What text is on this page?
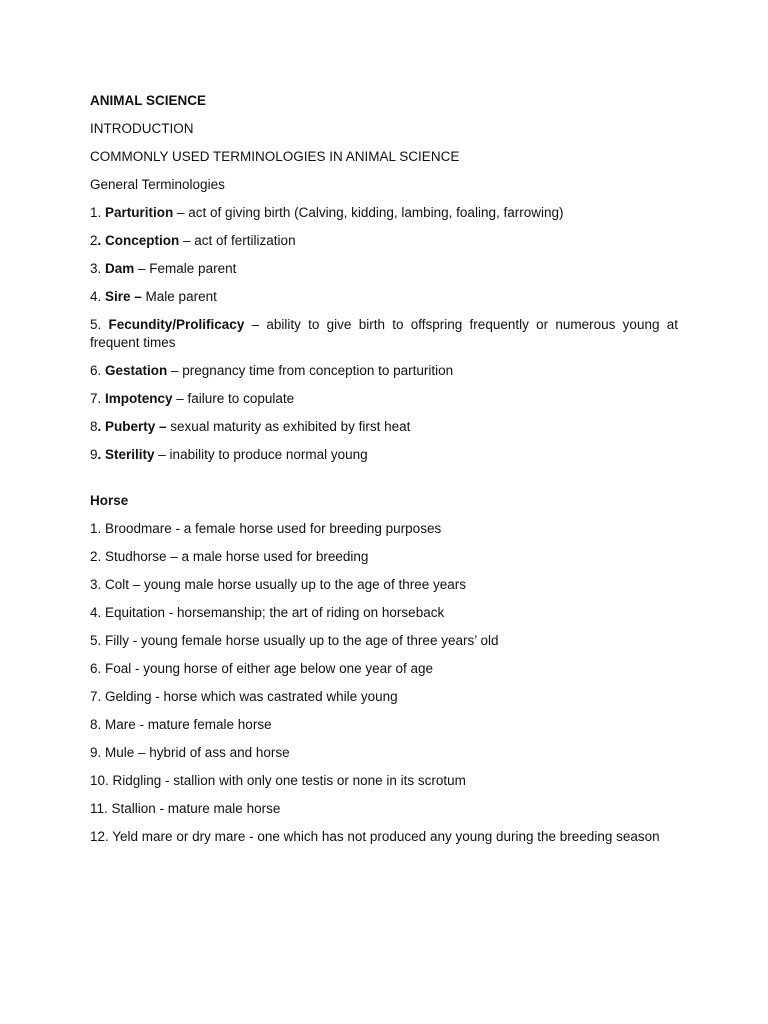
ANIMAL SCIENCE

INTRODUCTION

COMMONLY USED TERMINOLOGIES IN ANIMAL SCIENCE

General Terminologies

1. Parturition – act of giving birth (Calving, kidding, lambing, foaling, farrowing)

2. Conception – act of fertilization

3. Dam – Female parent

4. Sire – Male parent

5. Fecundity/Prolificacy – ability to give birth to offspring frequently or numerous young at frequent times

6. Gestation – pregnancy time from conception to parturition

7. Impotency – failure to copulate

8. Puberty – sexual maturity as exhibited by first heat

9. Sterility – inability to produce normal young

Horse

1. Broodmare - a female horse used for breeding purposes

2. Studhorse – a male horse used for breeding

3. Colt – young male horse usually up to the age of three years

4. Equitation - horsemanship; the art of riding on horseback

5. Filly - young female horse usually up to the age of three years’ old

6. Foal - young horse of either age below one year of age

7. Gelding - horse which was castrated while young

8. Mare - mature female horse

9. Mule – hybrid of ass and horse

10. Ridgling - stallion with only one testis or none in its scrotum

11. Stallion - mature male horse

12. Yeld mare or dry mare - one which has not produced any young during the breeding season
